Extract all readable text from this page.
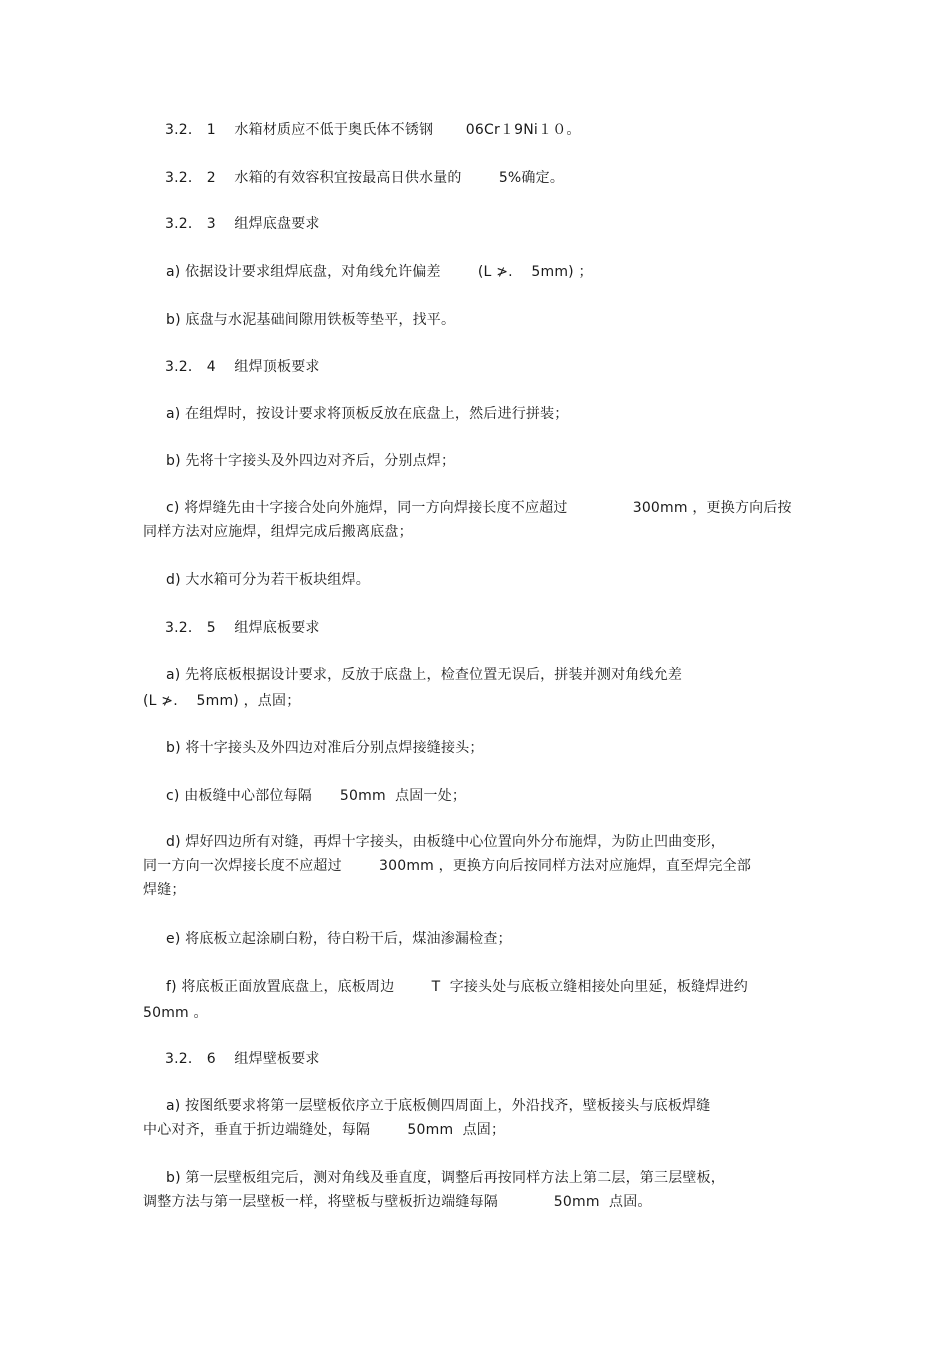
3.2． 1    水箱材质应不低于奥氏体不锈钢       06Cr１9Ni１０。
3.2． 2    水箱的有效容积宜按最高日供水量的        5%确定。
3.2． 3    组焊底盘要求
a) 依据设计要求组焊底盘，对角线允许偏差        (L ≯.    5mm) ；
b) 底盘与水泥基础间隙用铁板等垫平，找平。
3.2． 4    组焊顶板要求
a) 在组焊时，按设计要求将顶板反放在底盘上，然后进行拼装；
b) 先将十字接头及外四边对齐后，分别点焊；
c) 将焊缝先由十字接合处向外施焊，同一方向焊接长度不应超过              300mm ，更换方向后按
同样方法对应施焊，组焊完成后搬离底盘；
d) 大水箱可分为若干板块组焊。
3.2． 5    组焊底板要求
a) 先将底板根据设计要求，反放于底盘上，检查位置无误后，拼装并测对角线允差
(L ≯.    5mm) ，点固；
b) 将十字接头及外四边对准后分别点焊接缝接头；
c) 由板缝中心部位每隔      50mm  点固一处；
d) 焊好四边所有对缝，再焊十字接头，由板缝中心位置向外分布施焊，为防止凹曲变形，
同一方向一次焊接长度不应超过        300mm ，更换方向后按同样方法对应施焊，直至焊完全部
焊缝；
e) 将底板立起涂刷白粉，待白粉干后，煤油渗漏检查；
f) 将底板正面放置底盘上，底板周边        T  字接头处与底板立缝相接处向里延，板缝焊进约
50mm 。
3.2． 6    组焊壁板要求
a) 按图纸要求将第一层壁板依序立于底板侧四周面上，外沿找齐，壁板接头与底板焊缝
中心对齐，垂直于折边端缝处，每隔        50mm  点固；
b) 第一层壁板组完后，测对角线及垂直度，调整后再按同样方法上第二层，第三层壁板，
调整方法与第一层壁板一样，将壁板与壁板折边端缝每隔            50mm  点固。
